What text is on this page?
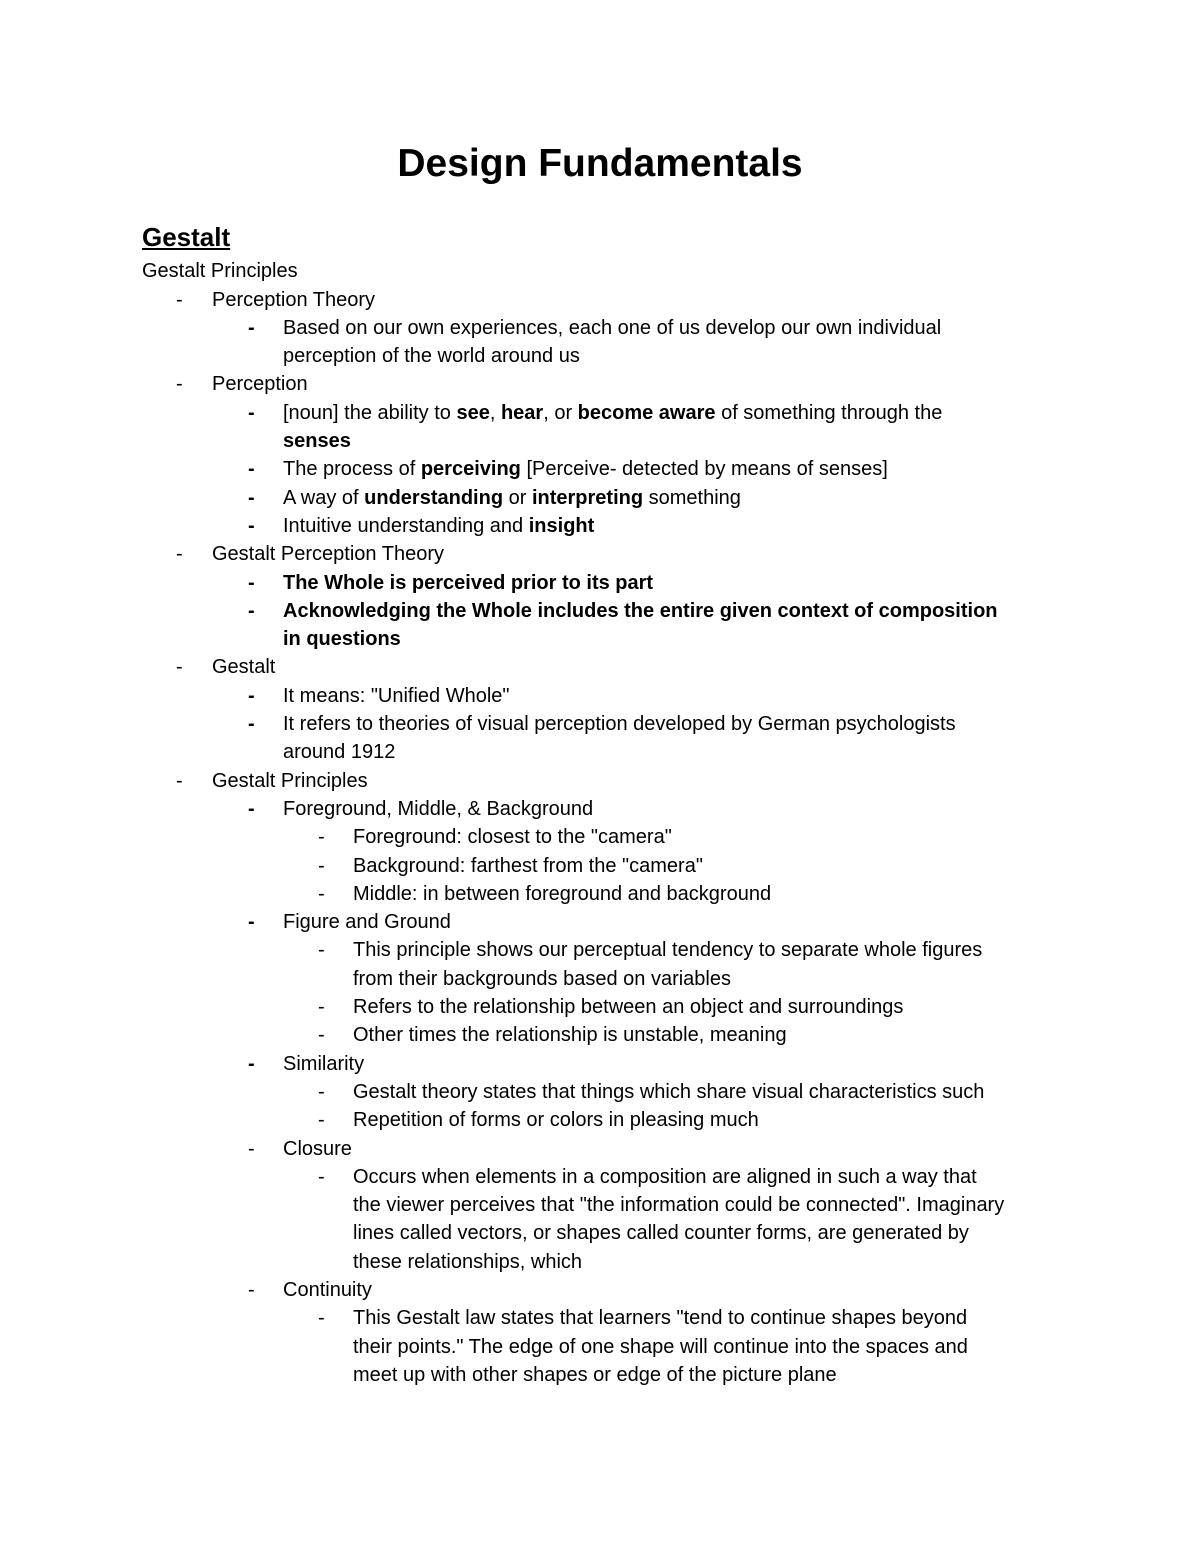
Design Fundamentals
Gestalt
Gestalt Principles
- Perception Theory
- Based on our own experiences, each one of us develop our own individual
perception of the world around us
- Perception
- [noun] the ability to see, hear, or become aware of something through the
senses
- The process of perceiving [Perceive- detected by means of senses]
- A way of understanding or interpreting something
- Intuitive understanding and insight
- Gestalt Perception Theory
- The Whole is perceived prior to its part
- Acknowledging the Whole includes the entire given context of composition
in questions
- Gestalt
- It means: "Unified Whole"
- It refers to theories of visual perception developed by German psychologists
around 1912
- Gestalt Principles
- Foreground, Middle, & Background
- Foreground: closest to the "camera"
- Background: farthest from the "camera"
- Middle: in between foreground and background
- Figure and Ground
- This principle shows our perceptual tendency to separate whole figures
from their backgrounds based on variables
- Refers to the relationship between an object and surroundings
- Other times the relationship is unstable, meaning
- Similarity
- Gestalt theory states that things which share visual characteristics such
- Repetition of forms or colors in pleasing much
- Closure
- Occurs when elements in a composition are aligned in such a way that
the viewer perceives that "the information could be connected". Imaginary
lines called vectors, or shapes called counter forms, are generated by
these relationships, which
- Continuity
- This Gestalt law states that learners "tend to continue shapes beyond
their points." The edge of one shape will continue into the spaces and
meet up with other shapes or edge of the picture plane
